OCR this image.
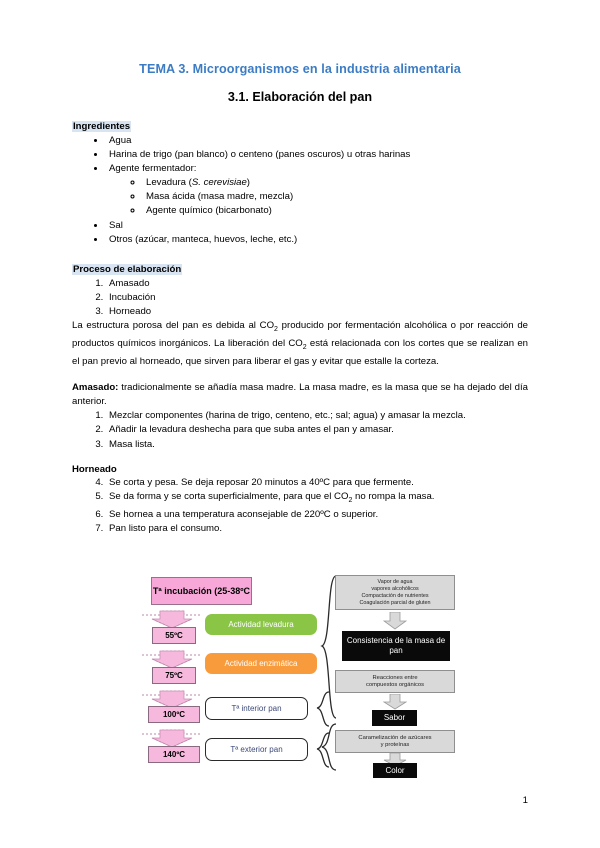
TEMA 3. Microorganismos en la industria alimentaria
3.1. Elaboración del pan
Ingredientes
• Agua
• Harina de trigo (pan blanco) o centeno (panes oscuros) u otras harinas
• Agente fermentador:
◦ Levadura (S. cerevisiae)
◦ Masa ácida (masa madre, mezcla)
◦ Agente químico (bicarbonato)
• Sal
• Otros (azúcar, manteca, huevos, leche, etc.)
Proceso de elaboración
1. Amasado
2. Incubación
3. Horneado

La estructura porosa del pan es debida al $CO_2$ producido por fermentación alcohólica o por reacción de productos químicos inorgánicos. La liberación del $CO_2$ está relacionada con los cortes que se realizan en el pan previo al horneado, que sirven para liberar el gas y evitar que estalle la corteza.

Amasado: tradicionalmente se añadía masa madre. La masa madre, es la masa que se ha dejado del día anterior.

1. Mezclar componentes (harina de trigo, centeno, etc.; sal; agua) y amasar la mezcla.
2. Añadir la levadura deshecha para que suba antes el pan y amasar.
3. Masa lista.
Horneado
4. Se corta y pesa. Se deja reposar 20 minutos a 40ºC para que fermente.
5. Se da forma y se corta superficialmente, para que el $CO_2$ no rompa la masa.
6. Se hornea a una temperatura aconsejable de 220ºC o superior.
7. Pan listo para el consumo.
Tª incubación (25-38ºC
55ºC
75ºC
100ºC
140ºC
Actividad levadura
Actividad enzimática
Tª interior pan
Tª exterior pan
Vapor de agua
vapores alcohólicos
Compactación de nutrientes
Coagulación parcial de gluten
Consistencia de la masa de pan
Reacciones entre
compuestos orgánicos
Sabor
Caramelización de azúcares
y proteínas
Color
1
